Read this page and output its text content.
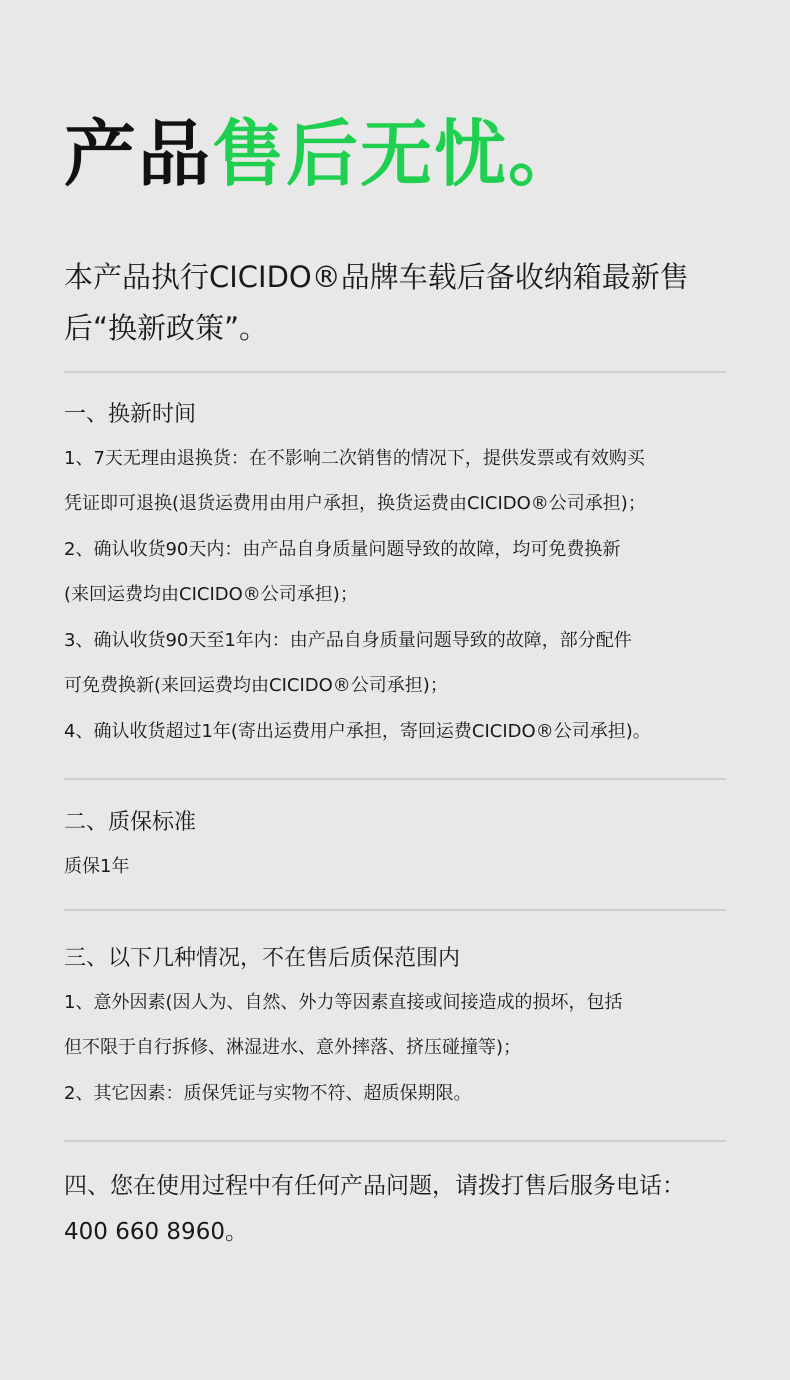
产品售后无忧。
本产品执行CICIDO®品牌车载后备收纳箱最新售后“换新政策”。
一、换新时间
1、7天无理由退换货：在不影响二次销售的情况下，提供发票或有效购买
凭证即可退换(退货运费用由用户承担，换货运费由CICIDO®公司承担)；
2、确认收货90天内：由产品自身质量问题导致的故障，均可免费换新
(来回运费均由CICIDO®公司承担)；
3、确认收货90天至1年内：由产品自身质量问题导致的故障，部分配件
可免费换新(来回运费均由CICIDO®公司承担)；
4、确认收货超过1年(寄出运费用户承担，寄回运费CICIDO®公司承担)。
二、质保标准
质保1年
三、以下几种情况，不在售后质保范围内
1、意外因素(因人为、自然、外力等因素直接或间接造成的损坏，包括
但不限于自行拆修、淋湿进水、意外摔落、挤压碰撞等)；
2、其它因素：质保凭证与实物不符、超质保期限。
四、您在使用过程中有任何产品问题，请拨打售后服务电话：400 660 8960。
